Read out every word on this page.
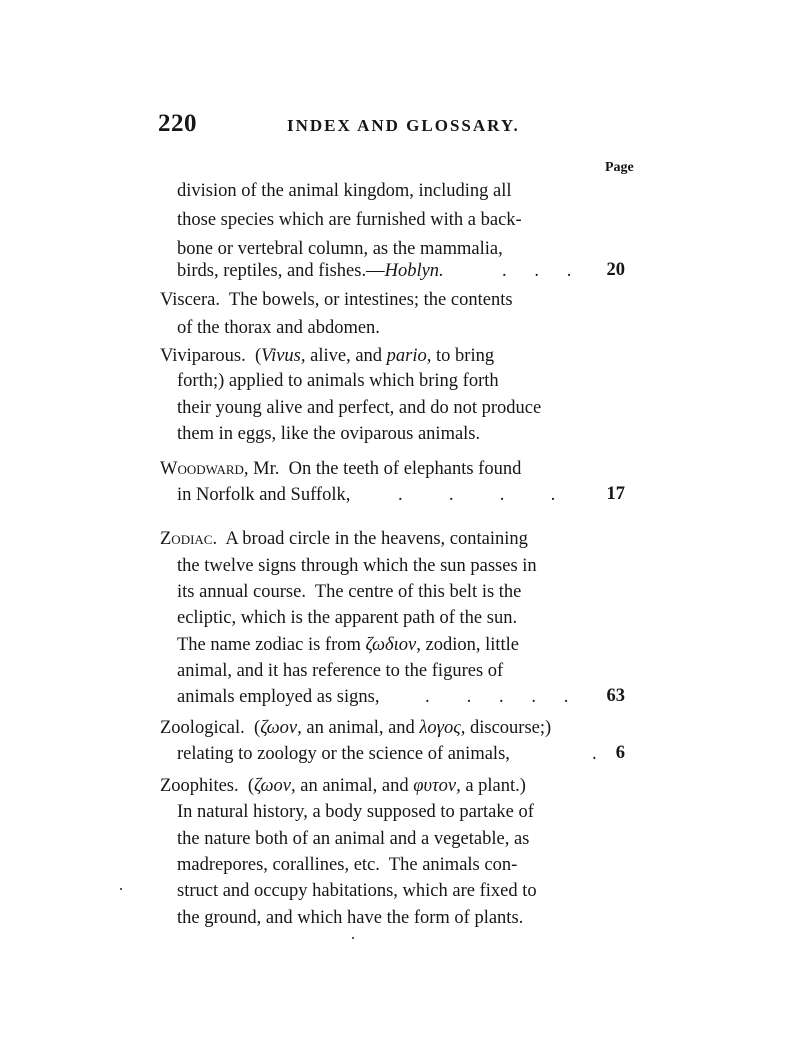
220	INDEX AND GLOSSARY.
Page
division of the animal kingdom, including all
those species which are furnished with a back-
bone or vertebral column, as the mammalia,
birds, reptiles, and fishes.—Hoblyn.	.      .      . 20
Viscera.  The bowels, or intestines; the contents
of the thorax and abdomen.
Viviparous.  (Vivus, alive, and pario, to bring
forth;) applied to animals which bring forth
their young alive and perfect, and do not produce
them in eggs, like the oviparous animals.
Woodward, Mr.  On the teeth of elephants found
in Norfolk and Suffolk,	.          .          .          .	17
Zodiac.  A broad circle in the heavens, containing
the twelve signs through which the sun passes in
its annual course.  The centre of this belt is the
ecliptic, which is the apparent path of the sun.
The name zodiac is from ζωδιον, zodion, little
animal, and it has reference to the figures of
animals employed as signs, .        .      .      .      . 63
Zoological.  (ζωον, an animal, and λογος, discourse;)
relating to zoology or the science of animals,	. 6
Zoophites.  (ζωον, an animal, and φυτον, a plant.)
In natural history, a body supposed to partake of
the nature both of an animal and a vegetable, as
madrepores, corallines, etc.  The animals con-
struct and occupy habitations, which are fixed to
the ground, and which have the form of plants.
